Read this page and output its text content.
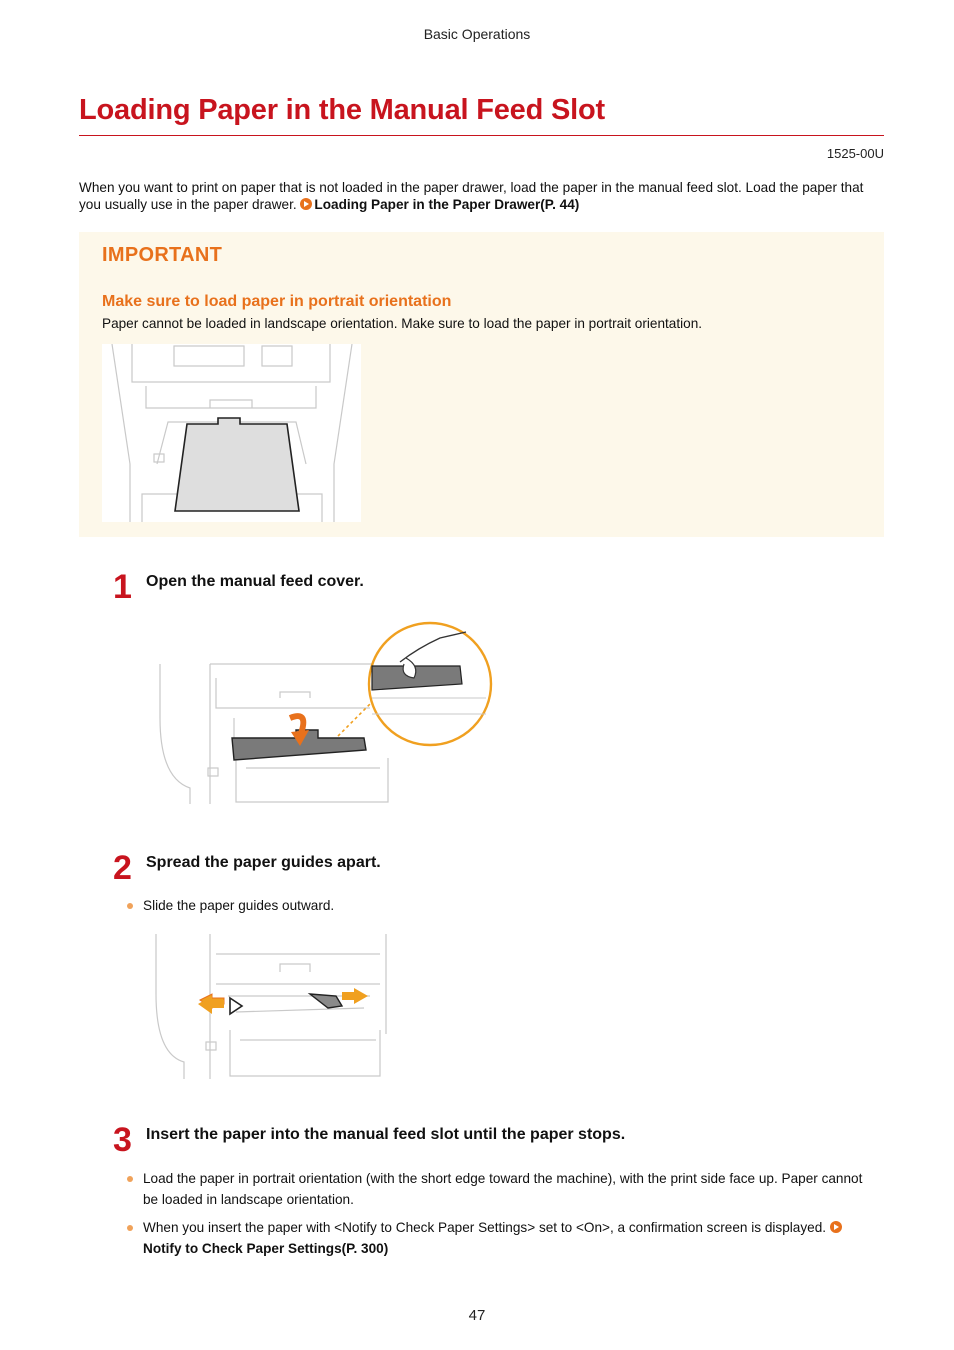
Basic Operations
Loading Paper in the Manual Feed Slot
1525-00U
When you want to print on paper that is not loaded in the paper drawer, load the paper in the manual feed slot. Load the paper that you usually use in the paper drawer. Loading Paper in the Paper Drawer(P. 44)
IMPORTANT
Make sure to load paper in portrait orientation
Paper cannot be loaded in landscape orientation. Make sure to load the paper in portrait orientation.
1 Open the manual feed cover.
2 Spread the paper guides apart.
Slide the paper guides outward.
3 Insert the paper into the manual feed slot until the paper stops.
Load the paper in portrait orientation (with the short edge toward the machine), with the print side face up. Paper cannot be loaded in landscape orientation.
When you insert the paper with <Notify to Check Paper Settings> set to <On>, a confirmation screen is displayed. Notify to Check Paper Settings(P. 300)
47
